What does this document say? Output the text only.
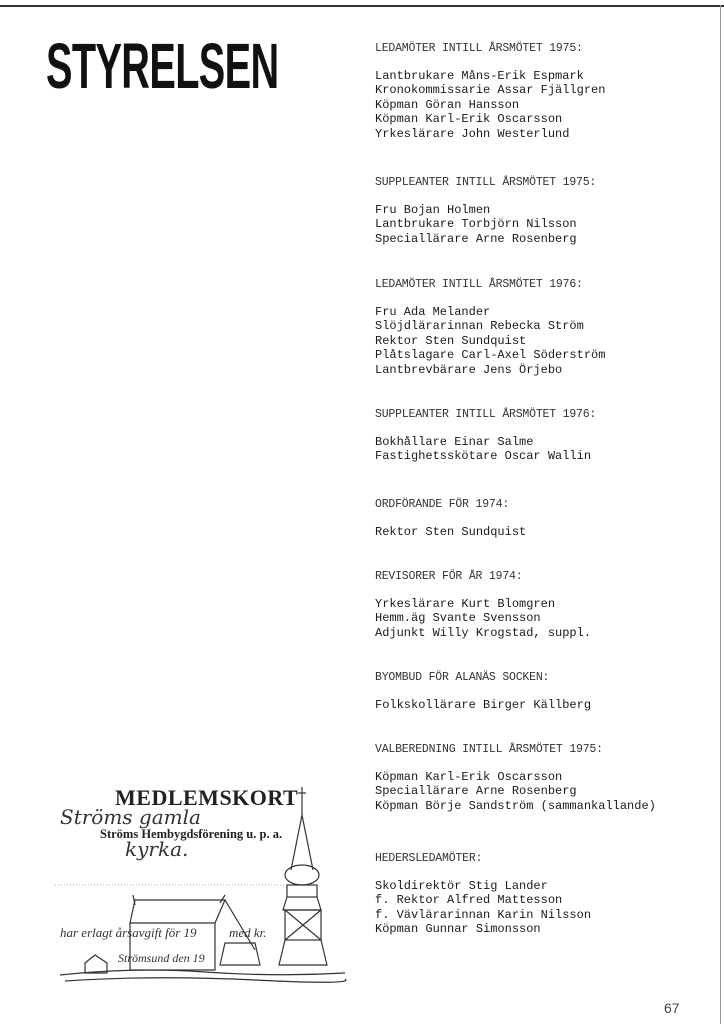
STYRELSEN	LEDAMÖTER INTILL ÅRSMÖTET 1975:
Lantbrukare Måns-Erik Espmark
Kronokommissarie Assar Fjällgren
Köpman Göran Hansson
Köpman Karl-Erik Oscarsson
Yrkeslärare John Westerlund
SUPPLEANTER INTILL ÅRSMÖTET 1975:
Fru Bojan Holmen
Lantbrukare Torbjörn Nilsson
Speciallärare Arne Rosenberg
LEDAMÖTER INTILL ÅRSMÖTET 1976:
Fru Ada Melander
Slöjdlärarinnan Rebecka Ström
Rektor Sten Sundquist
Plåtslagare Carl-Axel Söderström
Lantbrevbärare Jens Örjebo
SUPPLEANTER INTILL ÅRSMÖTET 1976:
Bokhållare Einar Salme
Fastighetsskötare Oscar Wallin
ORDFÖRANDE FÖR 1974:
Rektor Sten Sundquist
REVISORER FÖR ÅR 1974:
Yrkeslärare Kurt Blomgren
Hemm.äg Svante Svensson
Adjunkt Willy Krogstad, suppl.
BYOMBUD FÖR ALANÄS SOCKEN:
Folkskollärare Birger Källberg
VALBEREDNING INTILL ÅRSMÖTET 1975:
Köpman Karl-Erik Oscarsson
Speciallärare Arne Rosenberg
Köpman Börje Sandström (sammankallande)
HEDERSLEDAMÖTER:
Skoldirektör Stig Lander
f. Rektor Alfred Mattesson
f. Vävlärarinnan Karin Nilsson
Köpman Gunnar Simonsson
MEDLEMSKORT
Ströms gamla
Ströms Hembygdsförening u. p. a.
kyrka.
har erlagt årsavgift för 19          med kr.
Strömsund den 19
67
